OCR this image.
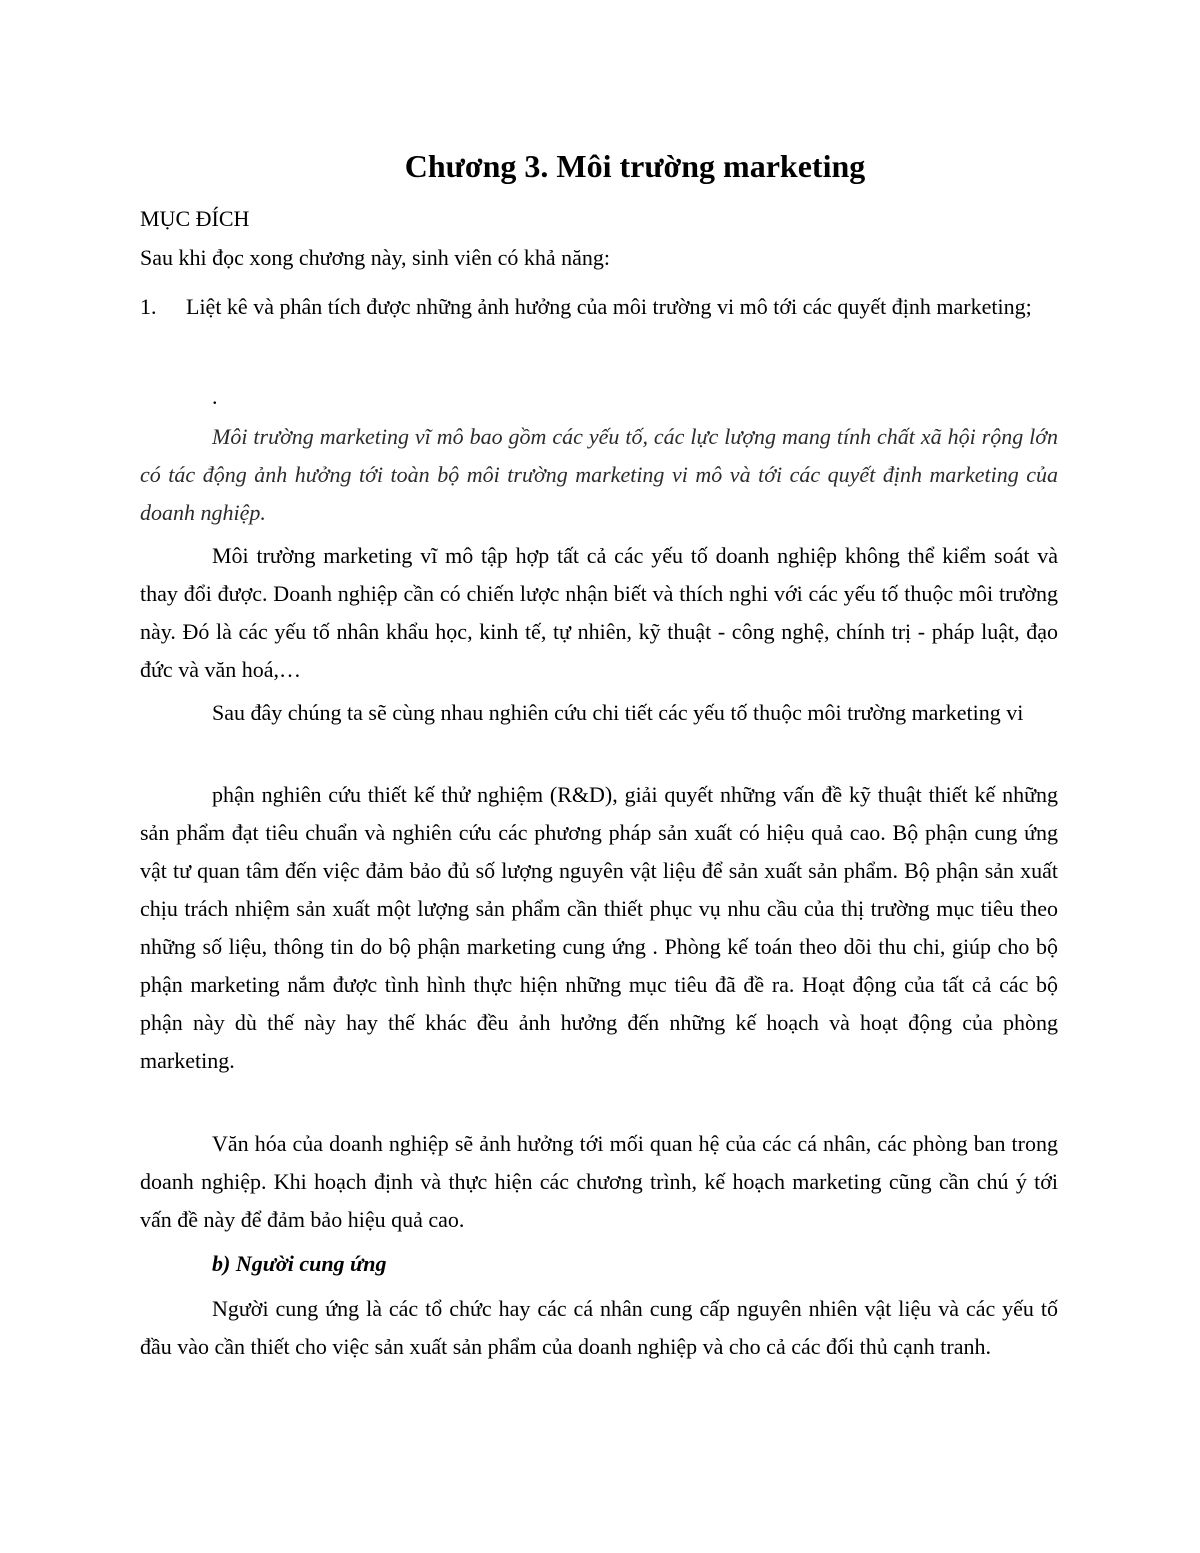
Chương 3. Môi trường marketing
MỤC ĐÍCH
Sau khi đọc xong chương này, sinh viên có khả năng:
1. Liệt kê và phân tích được những ảnh hưởng của môi trường vi mô tới các quyết định marketing;
.
Môi trường marketing vĩ mô bao gồm các yếu tố, các lực lượng mang tính chất xã hội rộng lớn có tác động ảnh hưởng tới toàn bộ môi trường marketing vi mô và tới các quyết định marketing của doanh nghiệp.
Môi trường marketing vĩ mô tập hợp tất cả các yếu tố doanh nghiệp không thể kiểm soát và thay đổi được. Doanh nghiệp cần có chiến lược nhận biết và thích nghi với các yếu tố thuộc môi trường này. Đó là các yếu tố nhân khẩu học, kinh tế, tự nhiên, kỹ thuật - công nghệ, chính trị - pháp luật, đạo đức và văn hoá,…
Sau đây chúng ta sẽ cùng nhau nghiên cứu chi tiết các yếu tố thuộc môi trường marketing vi
phận nghiên cứu thiết kế thử nghiệm (R&D), giải quyết những vấn đề kỹ thuật thiết kế những sản phẩm đạt tiêu chuẩn và nghiên cứu các phương pháp sản xuất có hiệu quả cao. Bộ phận cung ứng vật tư quan tâm đến việc đảm bảo đủ số lượng nguyên vật liệu để sản xuất sản phẩm. Bộ phận sản xuất chịu trách nhiệm sản xuất một lượng sản phẩm cần thiết phục vụ nhu cầu của thị trường mục tiêu theo những số liệu, thông tin do bộ phận marketing cung ứng . Phòng kế toán theo dõi thu chi, giúp cho bộ phận marketing nắm được tình hình thực hiện những mục tiêu đã đề ra. Hoạt động của tất cả các bộ phận này dù thế này hay thế khác đều ảnh hưởng đến những kế hoạch và hoạt động của phòng marketing.
Văn hóa của doanh nghiệp sẽ ảnh hưởng tới mối quan hệ của các cá nhân, các phòng ban trong doanh nghiệp. Khi hoạch định và thực hiện các chương trình, kế hoạch marketing cũng cần chú ý tới vấn đề này để đảm bảo hiệu quả cao.
b) Người cung ứng
Người cung ứng là các tổ chức hay các cá nhân cung cấp nguyên nhiên vật liệu và các yếu tố đầu vào cần thiết cho việc sản xuất sản phẩm của doanh nghiệp và cho cả các đối thủ cạnh tranh.
